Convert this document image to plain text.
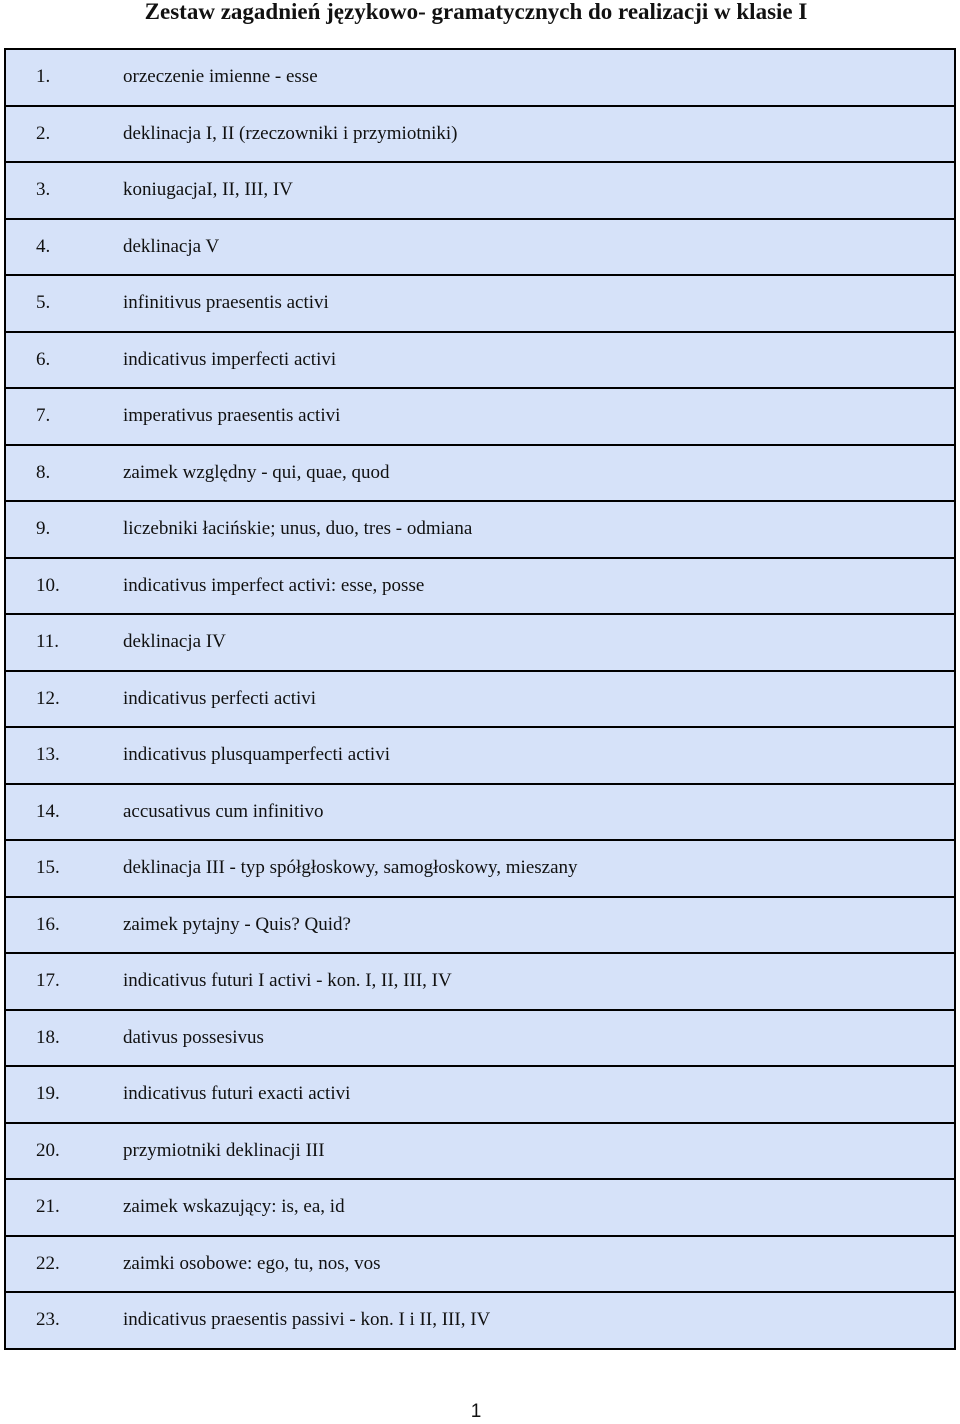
Zestaw zagadnień językowo- gramatycznych do realizacji w klasie I
1.	orzeczenie imienne - esse
2.	deklinacja I, II (rzeczowniki i przymiotniki)
3.	koniugacjaI, II, III, IV
4.	deklinacja V
5.	infinitivus praesentis activi
6.	indicativus imperfecti activi
7.	imperativus praesentis activi
8.	zaimek względny - qui, quae, quod
9.	liczebniki łacińskie; unus, duo, tres - odmiana
10.	indicativus imperfect activi: esse, posse
11.	deklinacja IV
12.	indicativus perfecti activi
13.	indicativus plusquamperfecti activi
14.	accusativus cum infinitivo
15.	deklinacja III - typ spółgłoskowy, samogłoskowy, mieszany
16.	zaimek pytajny - Quis? Quid?
17.	indicativus futuri I activi - kon. I, II, III, IV
18.	dativus possesivus
19.	indicativus futuri exacti activi
20.	przymiotniki deklinacji III
21.	zaimek wskazujący: is, ea, id
22.	zaimki osobowe: ego, tu, nos, vos
23.	indicativus praesentis passivi - kon. I i II, III, IV
1
